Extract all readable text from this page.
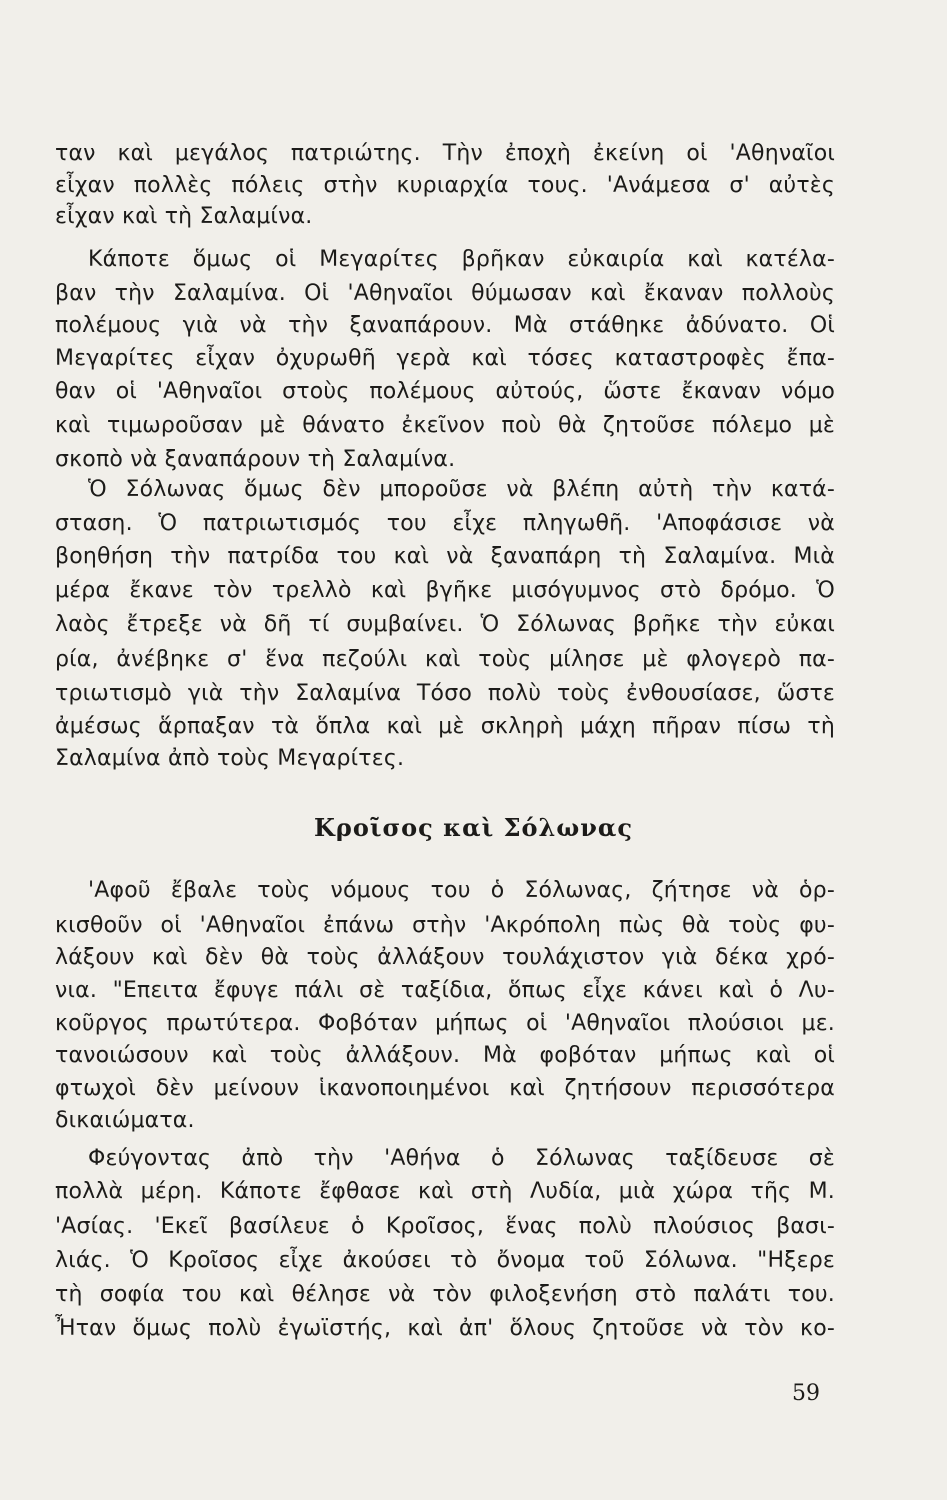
ταν καὶ μεγάλος πατριώτης. Τὴν ἐποχὴ ἐκείνη οἱ 'Αθηναῖοι
εἶχαν πολλὲς πόλεις στὴν κυριαρχία τους. 'Ανάμεσα σ' αὐτὲς
εἶχαν καὶ τὴ Σαλαμίνα.
Κάποτε ὅμως οἱ Μεγαρίτες βρῆκαν εὐκαιρία καὶ κατέλα-
βαν τὴν Σαλαμίνα. Οἱ 'Αθηναῖοι θύμωσαν καὶ ἔκαναν πολλοὺς
πολέμους γιὰ νὰ τὴν ξαναπάρουν. Μὰ στάθηκε ἀδύνατο. Οἱ
Μεγαρίτες εἶχαν ὀχυρωθῆ γερὰ καὶ τόσες καταστροφὲς ἔπα-
θαν οἱ 'Αθηναῖοι στοὺς πολέμους αὐτούς, ὥστε ἔκαναν νόμο
καὶ τιμωροῦσαν μὲ θάνατο ἐκεῖνον ποὺ θὰ ζητοῦσε πόλεμο μὲ
σκοπὸ νὰ ξαναπάρουν τὴ Σαλαμίνα.
Ὁ Σόλωνας ὅμως δὲν μποροῦσε νὰ βλέπη αὐτὴ τὴν κατά-
σταση. Ὁ πατριωτισμός του εἶχε πληγωθῆ. 'Αποφάσισε νὰ
βοηθήση τὴν πατρίδα του καὶ νὰ ξαναπάρη τὴ Σαλαμίνα. Μιὰ
μέρα ἔκανε τὸν τρελλὸ καὶ βγῆκε μισόγυμνος στὸ δρόμο. Ὁ
λαὸς ἔτρεξε νὰ δῆ τί συμβαίνει. Ὁ Σόλωνας βρῆκε τὴν εὐκαι
ρία, ἀνέβηκε σ' ἕνα πεζούλι καὶ τοὺς μίλησε μὲ φλογερὸ πα-
τριωτισμὸ γιὰ τὴν Σαλαμίνα Τόσο πολὺ τοὺς ἐνθουσίασε, ὥστε
ἀμέσως ἅρπαξαν τὰ ὅπλα καὶ μὲ σκληρὴ μάχη πῆραν πίσω τὴ
Σαλαμίνα ἀπὸ τοὺς Μεγαρίτες.
Κροῖσος καὶ Σόλωνας
'Αφοῦ ἔβαλε τοὺς νόμους του ὁ Σόλωνας, ζήτησε νὰ ὁρ-
κισθοῦν οἱ 'Αθηναῖοι ἐπάνω στὴν 'Ακρόπολη πὼς θὰ τοὺς φυ-
λάξουν καὶ δὲν θὰ τοὺς ἀλλάξουν τουλάχιστον γιὰ δέκα χρό-
νια. "Επειτα ἔφυγε πάλι σὲ ταξίδια, ὅπως εἶχε κάνει καὶ ὁ Λυ-
κοῦργος πρωτύτερα. Φοβόταν μήπως οἱ 'Αθηναῖοι πλούσιοι με.
τανοιώσουν καὶ τοὺς ἀλλάξουν. Μὰ φοβόταν μήπως καὶ οἱ
φτωχοὶ δὲν μείνουν ἱκανοποιημένοι καὶ ζητήσουν περισσότερα
δικαιώματα.
Φεύγοντας ἀπὸ τὴν 'Αθήνα ὁ Σόλωνας ταξίδευσε σὲ
πολλὰ μέρη. Κάποτε ἔφθασε καὶ στὴ Λυδία, μιὰ χώρα τῆς Μ.
'Ασίας. 'Εκεῖ βασίλευε ὁ Κροῖσος, ἕνας πολὺ πλούσιος βασι-
λιάς. Ὁ Κροῖσος εἶχε ἀκούσει τὸ ὄνομα τοῦ Σόλωνα. "Ηξερε
τὴ σοφία του καὶ θέλησε νὰ τὸν φιλοξενήση στὸ παλάτι του.
Ἦταν ὅμως πολὺ ἐγωϊστής, καὶ ἀπ' ὅλους ζητοῦσε νὰ τὸν κο-
59
